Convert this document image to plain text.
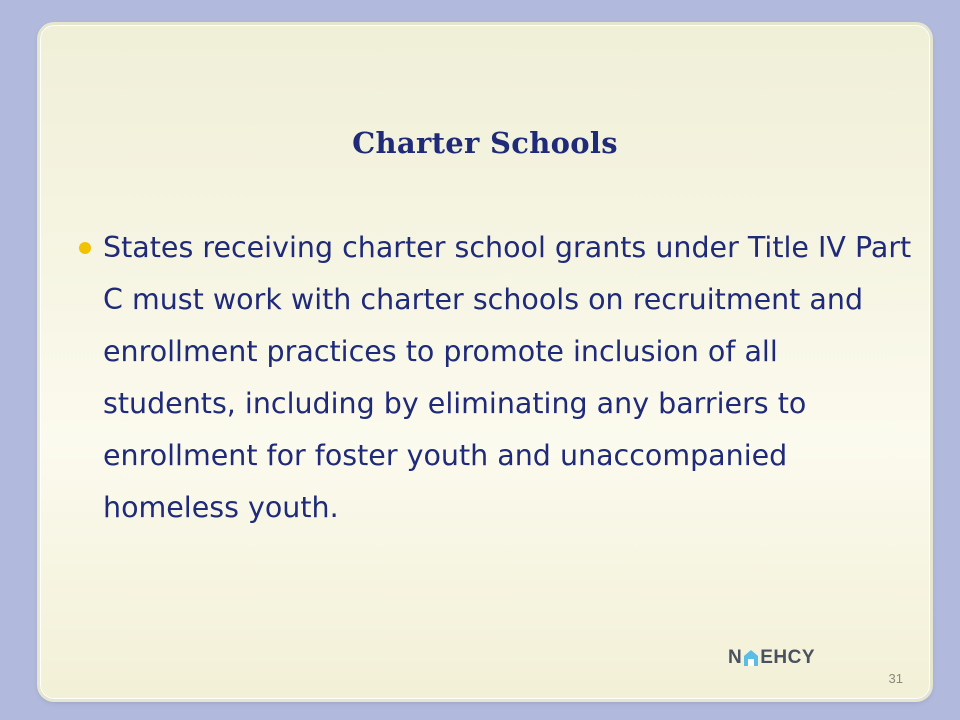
Charter Schools
States receiving charter school grants under Title IV Part C must work with charter schools on recruitment and enrollment practices to promote inclusion of all students, including by eliminating any barriers to enrollment for foster youth and unaccompanied homeless youth.
31
N EHCY
